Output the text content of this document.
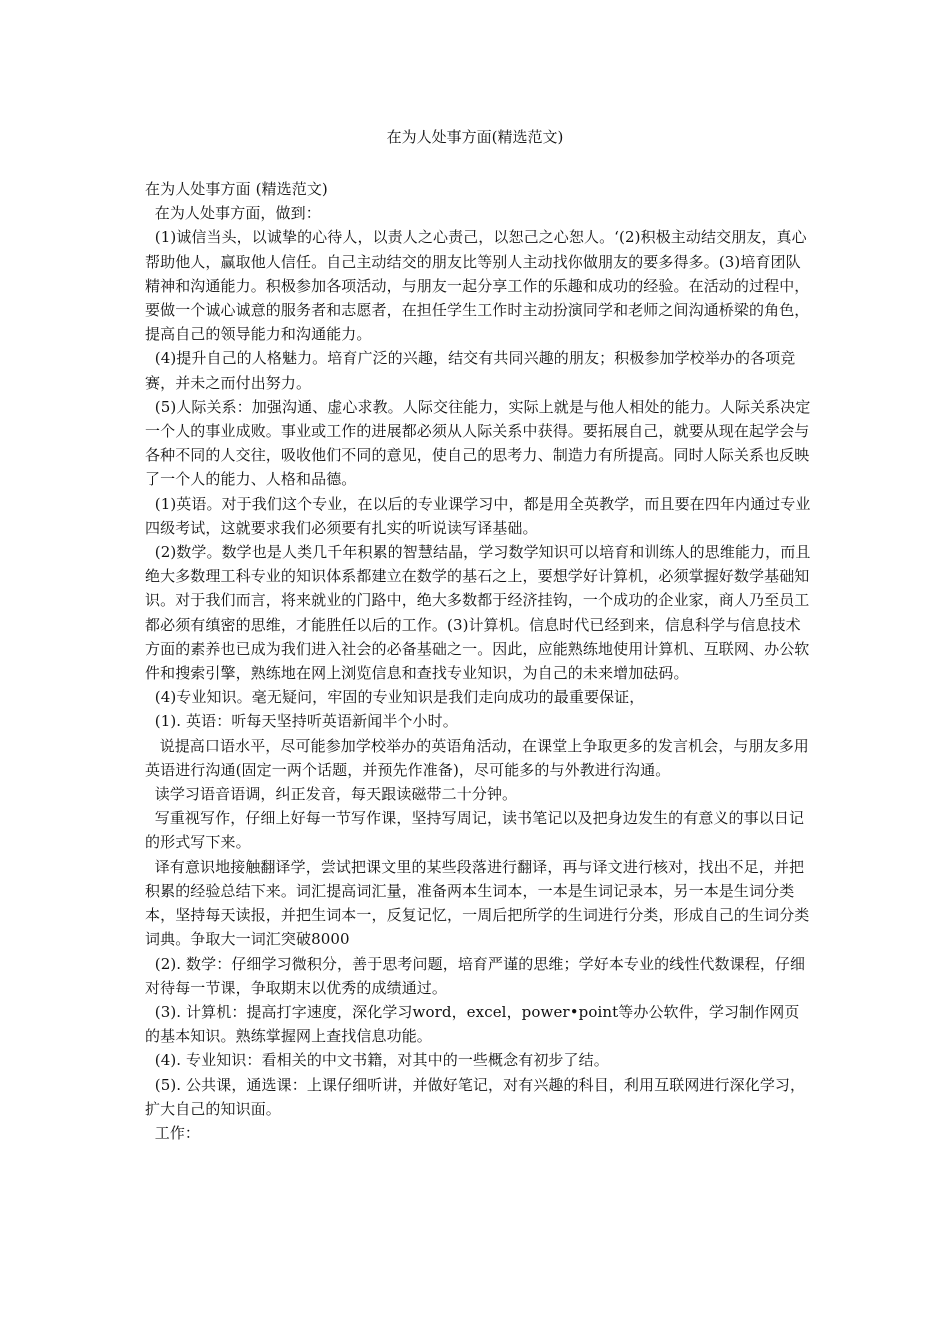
在为人处事方面(精选范文)

在为人处事方面 (精选范文)

在为人处事方面，做到：

(1)诚信当头，以诚挚的心待人，以责人之心责己，以恕己之心恕人。‘(2)积极主动结交朋友，真心帮助他人，赢取他人信任。自己主动结交的朋友比等别人主动找你做朋友的要多得多。(3)培育团队精神和沟通能力。积极参加各项活动，与朋友一起分享工作的乐趣和成功的经验。在活动的过程中，要做一个诚心诚意的服务者和志愿者，在担任学生工作时主动扮演同学和老师之间沟通桥梁的角色，提高自己的领导能力和沟通能力。

(4)提升自己的人格魅力。培育广泛的兴趣，结交有共同兴趣的朋友；积极参加学校举办的各项竞赛，并未之而付出努力。

(5)人际关系：加强沟通、虚心求教。人际交往能力，实际上就是与他人相处的能力。人际关系决定一个人的事业成败。事业或工作的进展都必须从人际关系中获得。要拓展自己，就要从现在起学会与各种不同的人交往，吸收他们不同的意见，使自己的思考力、制造力有所提高。同时人际关系也反映了一个人的能力、人格和品德。

(1)英语。对于我们这个专业，在以后的专业课学习中，都是用全英教学，而且要在四年内通过专业四级考试，这就要求我们必须要有扎实的听说读写译基础。

(2)数学。数学也是人类几千年积累的智慧结晶，学习数学知识可以培育和训练人的思维能力，而且绝大多数理工科专业的知识体系都建立在数学的基石之上，要想学好计算机，必须掌握好数学基础知识。对于我们而言，将来就业的门路中，绝大多数都于经济挂钩，一个成功的企业家，商人乃至员工都必须有缜密的思维，才能胜任以后的工作。(3)计算机。信息时代已经到来，信息科学与信息技术方面的素养也已成为我们进入社会的必备基础之一。因此，应能熟练地使用计算机、互联网、办公软件和搜索引擎，熟练地在网上浏览信息和查找专业知识，为自己的未来增加砝码。

(4)专业知识。毫无疑问，牢固的专业知识是我们走向成功的最重要保证，

(1). 英语：听每天坚持听英语新闻半个小时。

说提高口语水平，尽可能参加学校举办的英语角活动，在课堂上争取更多的发言机会，与朋友多用英语进行沟通(固定一两个话题，并预先作准备)，尽可能多的与外教进行沟通。

读学习语音语调，纠正发音，每天跟读磁带二十分钟。

写重视写作，仔细上好每一节写作课，坚持写周记，读书笔记以及把身边发生的有意义的事以日记的形式写下来。

译有意识地接触翻译学，尝试把课文里的某些段落进行翻译，再与译文进行核对，找出不足，并把积累的经验总结下来。词汇提高词汇量，准备两本生词本，一本是生词记录本，另一本是生词分类本，坚持每天读报，并把生词本一，反复记忆，一周后把所学的生词进行分类，形成自己的生词分类词典。争取大一词汇突破8000

(2). 数学：仔细学习微积分，善于思考问题，培育严谨的思维；学好本专业的线性代数课程，仔细对待每一节课，争取期末以优秀的成绩通过。

(3). 计算机：提高打字速度，深化学习word，excel，power•point等办公软件，学习制作网页的基本知识。熟练掌握网上查找信息功能。

(4). 专业知识：看相关的中文书籍，对其中的一些概念有初步了结。

(5). 公共课，通选课：上课仔细听讲，并做好笔记，对有兴趣的科目，利用互联网进行深化学习，扩大自己的知识面。

工作：
